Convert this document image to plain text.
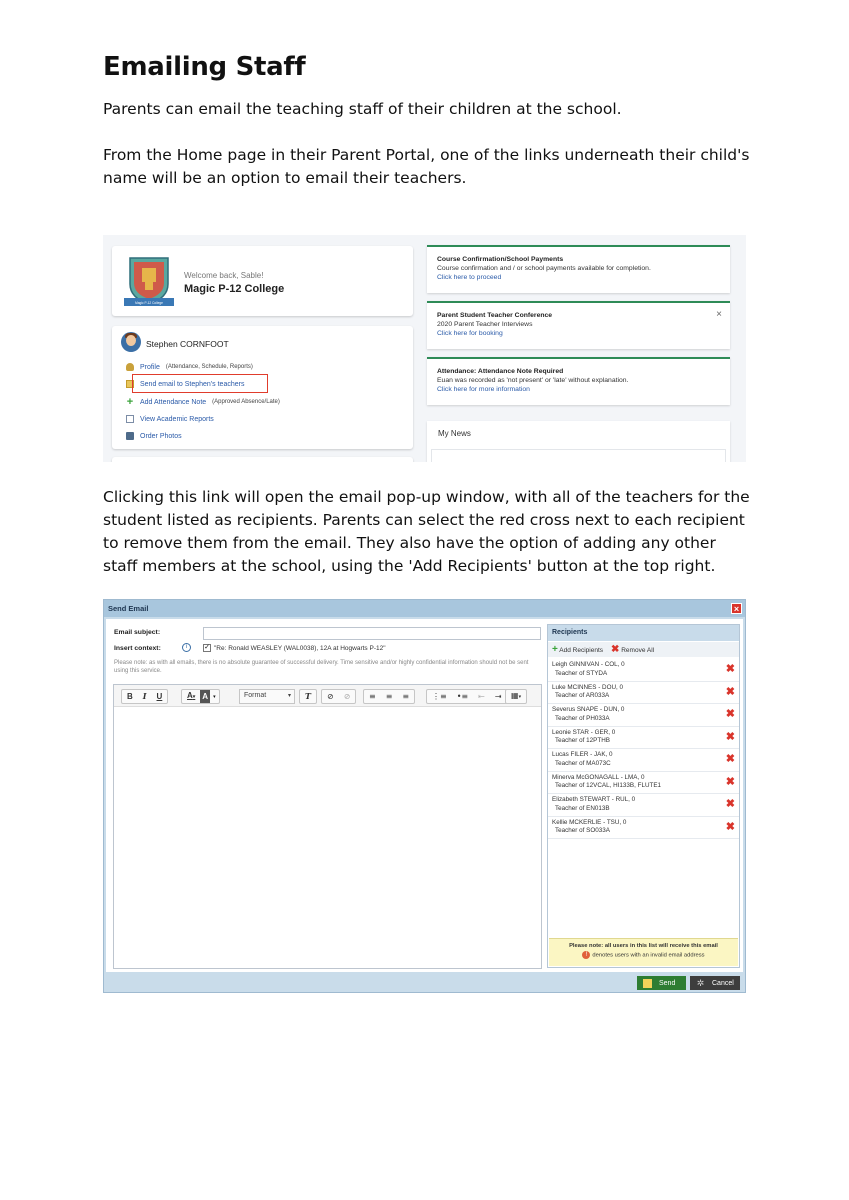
Emailing Staff

Parents can email the teaching staff of their children at the school.

From the Home page in their Parent Portal, one of the links underneath their child's name will be an option to email their teachers.

Magic P-12 College
Welcome back, Sable!
Magic P-12 College
Stephen CORNFOOT
Profile (Attendance, Schedule, Reports)
Send email to Stephen's teachers
+ Add Attendance Note (Approved Absence/Late)
View Academic Reports
Order Photos
Course Confirmation/School Payments
Course confirmation and / or school payments available for completion.
Click here to proceed
×
Parent Student Teacher Conference
2020 Parent Teacher Interviews
Click here for booking
Attendance: Attendance Note Required
Euan was recorded as 'not present' or 'late' without explanation.
Click here for more information
My News

Clicking this link will open the email pop-up window, with all of the teachers for the student listed as recipients. Parents can select the red cross next to each recipient to remove them from the email. They also have the option of adding any other staff members at the school, using the 'Add Recipients' button at the top right.

Send Email	×
Email subject:
Insert context:	i	✓ "Re: Ronald WEASLEY (WAL0038), 12A at Hogwarts P-12"
Please note: as with all emails, there is no absolute guarantee of successful delivery. Time sensitive and/or highly confidential information should not be sent using this service.
B	I	U	A▾ A	▾	Format	▾	T	⊘	⊘	≡	≡	≡	⋮≡	•≡	⇤	⇥	▦▾
Recipients
+ Add Recipients ✖ Remove All
Leigh GINNIVAN - COL, 0
Teacher of STYDA	✖
Luke MCINNES - DOU, 0
Teacher of AR033A	✖
Severus SNAPE - DUN, 0
Teacher of PH033A	✖
Leonie STAR - GER, 0
Teacher of 12PTHB	✖
Lucas FILER - JAK, 0
Teacher of MA073C	✖
Minerva McGONAGALL - LMA, 0
Teacher of 12VCAL, HI133B, FLUTE1	✖
Elizabeth STEWART - RUL, 0
Teacher of EN013B	✖
Kellie MCKERLIE - TSU, 0
Teacher of SO033A	✖
Please note: all users in this list will receive this email
! denotes users with an invalid email address
Send ✲ Cancel
